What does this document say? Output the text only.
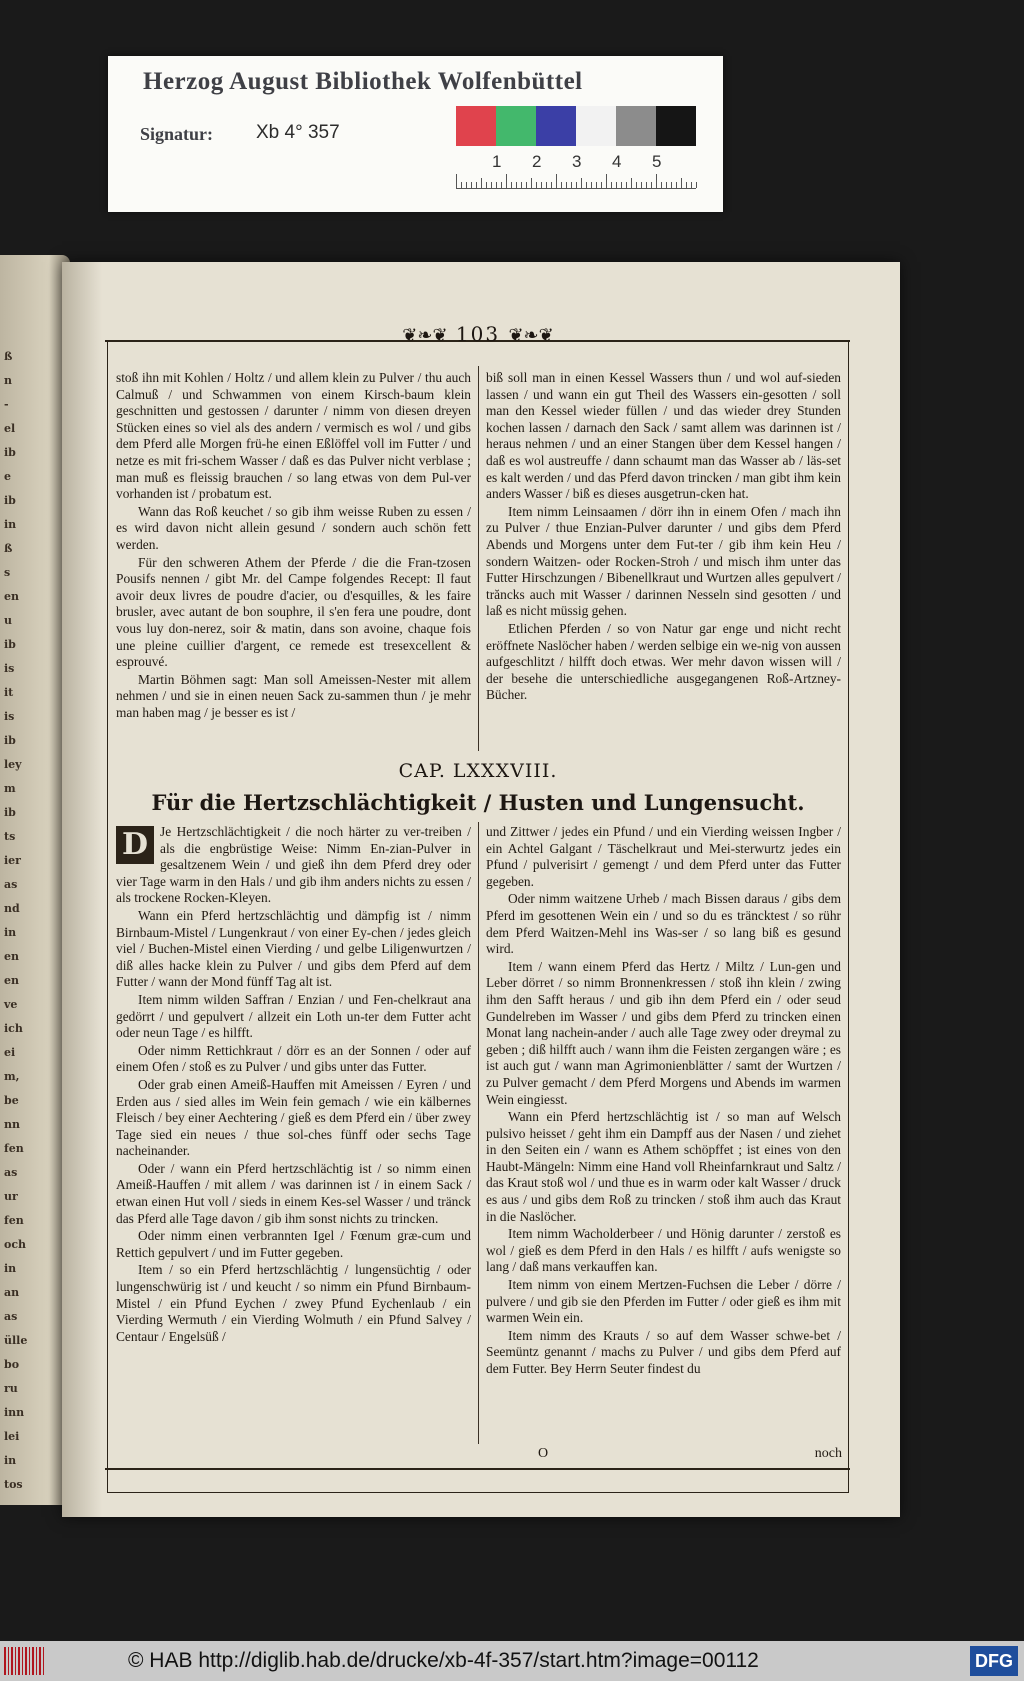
Herzog August Bibliothek Wolfenbüttel
Signatur: Xb 4° 357
1 2 3 4 5
ß
n
-
el
ib
e
ib
in
ß
s
en
u
ib
is
it
is
ib
ley
m
ib
ts
ier
as
nd
in
en
en
ve
ich
ei
m,
be
nn
fen
as
ur
fen
och
in
an
as
ülle
bo
ru
inn
lei
in
tos
❦❧❦ 103 ❦❧❦

stoß ihn mit Kohlen / Holtz / und allem klein zu Pulver / thu auch Calmuß / und Schwammen von einem Kirsch-baum klein geschnitten und gestossen / darunter / nimm von diesen dreyen Stücken eines so viel als des andern / vermisch es wol / und gibs dem Pferd alle Morgen frü-he einen Eßlöffel voll im Futter / und netze es mit fri-schem Wasser / daß es das Pulver nicht verblase ; man muß es fleissig brauchen / so lang etwas von dem Pul-ver vorhanden ist / probatum est.

Wann das Roß keuchet / so gib ihm weisse Ruben zu essen / es wird davon nicht allein gesund / sondern auch schön fett werden.

Für den schweren Athem der Pferde / die die Fran-tzosen Pousifs nennen / gibt Mr. del Campe folgendes Recept: Il faut avoir deux livres de poudre d'acier, ou d'esquilles, & les faire brusler, avec autant de bon souphre, il s'en fera une poudre, dont vous luy don-nerez, soir & matin, dans son avoine, chaque fois une pleine cuillier d'argent, ce remede est tresexcellent & esprouvé.

Martin Böhmen sagt: Man soll Ameissen-Nester mit allem nehmen / und sie in einen neuen Sack zu-sammen thun / je mehr man haben mag / je besser es ist /

biß soll man in einen Kessel Wassers thun / und wol auf-sieden lassen / und wann ein gut Theil des Wassers ein-gesotten / soll man den Kessel wieder füllen / und das wieder drey Stunden kochen lassen / darnach den Sack / samt allem was darinnen ist / heraus nehmen / und an einer Stangen über dem Kessel hangen / daß es wol austreuffe / dann schaumt man das Wasser ab / läs-set es kalt werden / und das Pferd davon trincken / man gibt ihm kein anders Wasser / biß es dieses ausgetrun-cken hat.

Item nimm Leinsaamen / dörr ihn in einem Ofen / mach ihn zu Pulver / thue Enzian-Pulver darunter / und gibs dem Pferd Abends und Morgens unter dem Fut-ter / gib ihm kein Heu / sondern Waitzen- oder Rocken-Stroh / und misch ihm unter das Futter Hirschzungen / Bibenellkraut und Wurtzen alles gepulvert / trăncks auch mit Wasser / darinnen Nesseln sind gesotten / und laß es nicht müssig gehen.

Etlichen Pferden / so von Natur gar enge und nicht recht eröffnete Naslöcher haben / werden selbige ein we-nig von aussen aufgeschlitzt / hilfft doch etwas. Wer mehr davon wissen will / der besehe die unterschiedliche ausgegangenen Roß-Artzney-Bücher.

CAP. LXXXVIII.
Für die Hertzschlächtigkeit / Husten und Lungensucht.

D Je Hertzschlächtigkeit / die noch härter zu ver-treiben / als die engbrüstige Weise: Nimm En-zian-Pulver in gesaltzenem Wein / und gieß ihn dem Pferd drey oder vier Tage warm in den Hals / und gib ihm anders nichts zu essen / als trockene Rocken-Kleyen.

Wann ein Pferd hertzschlächtig und dämpfig ist / nimm Birnbaum-Mistel / Lungenkraut / von einer Ey-chen / jedes gleich viel / Buchen-Mistel einen Vierding / und gelbe Liligenwurtzen / diß alles hacke klein zu Pulver / und gibs dem Pferd auf dem Futter / wann der Mond fünff Tag alt ist.

Item nimm wilden Saffran / Enzian / und Fen-chelkraut ana gedörrt / und gepulvert / allzeit ein Loth un-ter dem Futter acht oder neun Tage / es hilfft.

Oder nimm Rettichkraut / dörr es an der Sonnen / oder auf einem Ofen / stoß es zu Pulver / und gibs unter das Futter.

Oder grab einen Ameiß-Hauffen mit Ameissen / Eyren / und Erden aus / sied alles im Wein fein gemach / wie ein kälbernes Fleisch / bey einer Aechtering / gieß es dem Pferd ein / über zwey Tage sied ein neues / thue sol-ches fünff oder sechs Tage nacheinander.

Oder / wann ein Pferd hertzschlächtig ist / so nimm einen Ameiß-Hauffen / mit allem / was darinnen ist / in einem Sack / etwan einen Hut voll / sieds in einem Kes-sel Wasser / und tränck das Pferd alle Tage davon / gib ihm sonst nichts zu trincken.

Oder nimm einen verbrannten Igel / Fœnum græ-cum und Rettich gepulvert / und im Futter gegeben.

Item / so ein Pferd hertzschlächtig / lungensüchtig / oder lungenschwürig ist / und keucht / so nimm ein Pfund Birnbaum-Mistel / ein Pfund Eychen / zwey Pfund Eychenlaub / ein Vierding Wermuth / ein Vierding Wolmuth / ein Pfund Salvey / Centaur / Engelsüß /

und Zittwer / jedes ein Pfund / und ein Vierding weissen Ingber / ein Achtel Galgant / Täschelkraut und Mei-sterwurtz jedes ein Pfund / pulverisirt / gemengt / und dem Pferd unter das Futter gegeben.

Oder nimm waitzene Urheb / mach Bissen daraus / gibs dem Pferd im gesottenen Wein ein / und so du es träncktest / so rühr dem Pferd Waitzen-Mehl ins Was-ser / so lang biß es gesund wird.

Item / wann einem Pferd das Hertz / Miltz / Lun-gen und Leber dörret / so nimm Bronnenkressen / stoß ihn klein / zwing ihm den Safft heraus / und gib ihn dem Pferd ein / oder seud Gundelreben im Wasser / und gibs dem Pferd zu trincken einen Monat lang nachein-ander / auch alle Tage zwey oder dreymal zu geben ; diß hilfft auch / wann ihm die Feisten zergangen wäre ; es ist auch gut / wann man Agrimonienblätter / samt der Wurtzen / zu Pulver gemacht / dem Pferd Morgens und Abends im warmen Wein eingiesst.

Wann ein Pferd hertzschlächtig ist / so man auf Welsch pulsivo heisset / geht ihm ein Dampff aus der Nasen / und ziehet in den Seiten ein / wann es Athem schöpffet ; ist eines von den Haubt-Mängeln: Nimm eine Hand voll Rheinfarnkraut und Saltz / das Kraut stoß wol / und thue es in warm oder kalt Wasser / druck es aus / und gibs dem Roß zu trincken / stoß ihm auch das Kraut in die Naslöcher.

Item nimm Wacholderbeer / und Hönig darunter / zerstoß es wol / gieß es dem Pferd in den Hals / es hilfft / aufs wenigste so lang / daß mans verkauffen kan.

Item nimm von einem Mertzen-Fuchsen die Leber / dörre / pulvere / und gib sie den Pferden im Futter / oder gieß es ihm mit warmen Wein ein.

Item nimm des Krauts / so auf dem Wasser schwe-bet / Seemüntz genannt / machs zu Pulver / und gibs dem Pferd auf dem Futter. Bey Herrn Seuter findest du

O	noch
© HAB http://diglib.hab.de/drucke/xb-4f-357/start.htm?image=00112	DFG
